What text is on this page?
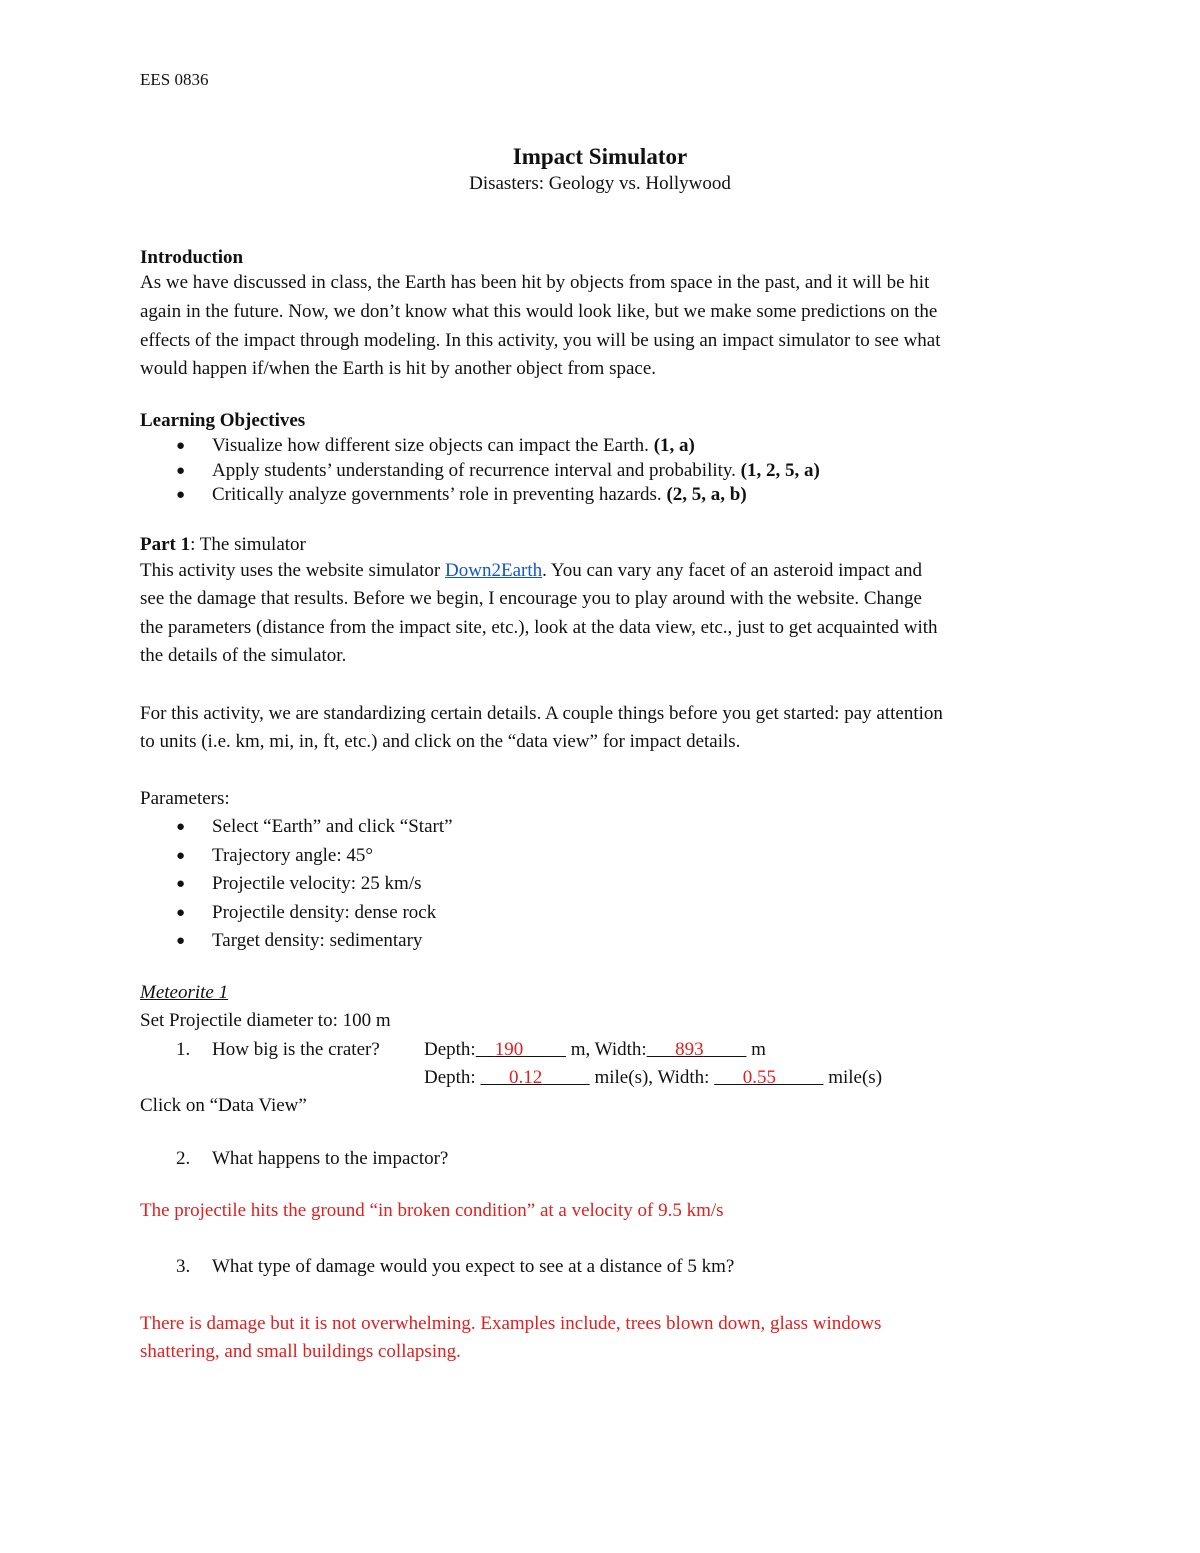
EES 0836
Impact Simulator
Disasters: Geology vs. Hollywood
Introduction
As we have discussed in class, the Earth has been hit by objects from space in the past, and it will be hit
again in the future. Now, we don’t know what this would look like, but we make some predictions on the
effects of the impact through modeling. In this activity, you will be using an impact simulator to see what
would happen if/when the Earth is hit by another object from space.
Learning Objectives
● Visualize how different size objects can impact the Earth. (1, a)
● Apply students’ understanding of recurrence interval and probability. (1, 2, 5, a)
● Critically analyze governments’ role in preventing hazards. (2, 5, a, b)
Part 1: The simulator
This activity uses the website simulator Down2Earth. You can vary any facet of an asteroid impact and
see the damage that results. Before we begin, I encourage you to play around with the website. Change
the parameters (distance from the impact site, etc.), look at the data view, etc., just to get acquainted with
the details of the simulator.
For this activity, we are standardizing certain details. A couple things before you get started: pay attention
to units (i.e. km, mi, in, ft, etc.) and click on the “data view” for impact details.
Parameters:
● Select “Earth” and click “Start”
● Trajectory angle: 45°
● Projectile velocity: 25 km/s
● Projectile density: dense rock
● Target density: sedimentary
Meteorite 1
Set Projectile diameter to: 100 m
1. How big is the crater? Depth: 190          m, Width: 893          m
Depth:       0.12	mile(s), Width:       0.55	mile(s)
Click on “Data View”
2. What happens to the impactor?
The projectile hits the ground “in broken condition” at a velocity of 9.5 km/s
3. What type of damage would you expect to see at a distance of 5 km?
There is damage but it is not overwhelming. Examples include, trees blown down, glass windows
shattering, and small buildings collapsing.
